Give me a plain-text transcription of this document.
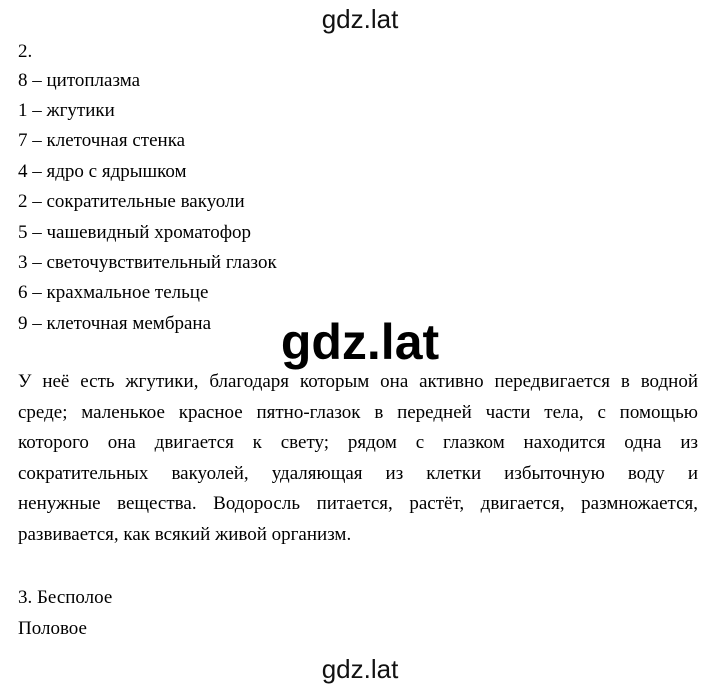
gdz.lat
2.
8 – цитоплазма
1 – жгутики
7 – клеточная стенка
4 – ядро с ядрышком
2 – сократительные вакуоли
5 – чашевидный хроматофор
3 – светочувствительный глазок
6 – крахмальное тельце
9 – клеточная мембрана	gdz.lat

У неё есть жгутики, благодаря которым она активно передвигается в водной
среде; маленькое красное пятно-глазок в передней части тела, с помощью
которого она двигается к свету; рядом с глазком находится одна из
сократительных вакуолей, удаляющая из клетки избыточную воду и
ненужные вещества. Водоросль питается, растёт, двигается, размножается,
развивается, как всякий живой организм.

3. Бесполое
Половое
gdz.lat
